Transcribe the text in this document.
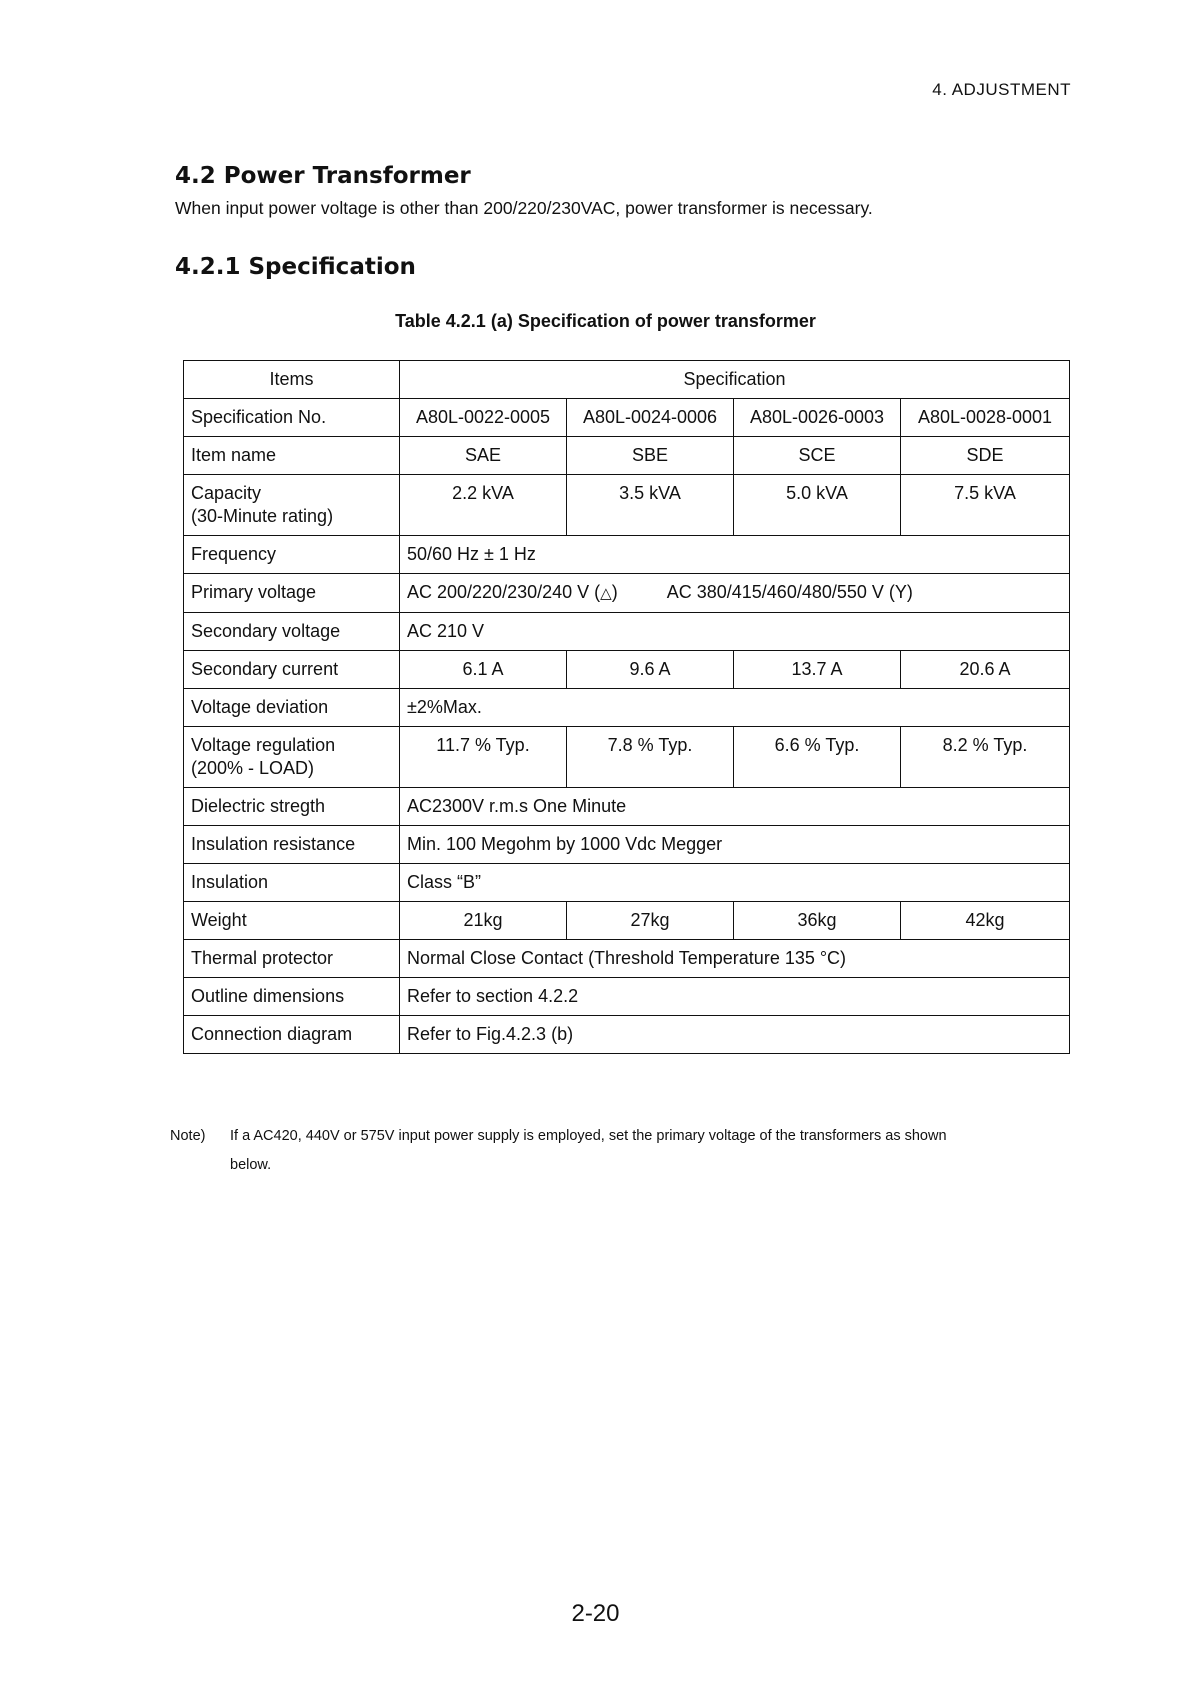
4. ADJUSTMENT
4.2 Power Transformer
When input power voltage is other than 200/220/230VAC, power transformer is necessary.
4.2.1 Specification
Table 4.2.1 (a) Specification of power transformer
Items	Specification			
Specification No.	A80L-0022-0005	A80L-0024-0006	A80L-0026-0003	A80L-0028-0001
Item name	SAE	SBE	SCE	SDE

Capacity
(30-Minute rating)	2.2 kVA	3.5 kVA	5.0 kVA	7.5 kVA
Frequency	50/60 Hz ± 1 Hz			
Primary voltage	AC 200/220/230/240 V (△) AC 380/415/460/480/550 V (Y)			
Secondary voltage	AC 210 V			
Secondary current	6.1 A	9.6 A	13.7 A	20.6 A
Voltage deviation	±2%Max.			

Voltage regulation
(200% - LOAD)	11.7 % Typ.	7.8 % Typ.	6.6 % Typ.	8.2 % Typ.
Dielectric stregth	AC2300V r.m.s One Minute			
Insulation resistance	Min. 100 Megohm by 1000 Vdc Megger			
Insulation	Class “B”			
Weight	21kg	27kg	36kg	42kg
Thermal protector	Normal Close Contact (Threshold Temperature 135 °C)			
Outline dimensions	Refer to section 4.2.2			
Connection diagram	Refer to Fig.4.2.3 (b)			
Note) If a AC420, 440V or 575V input power supply is employed, set the primary voltage of the transformers as shown
below.
2-20
